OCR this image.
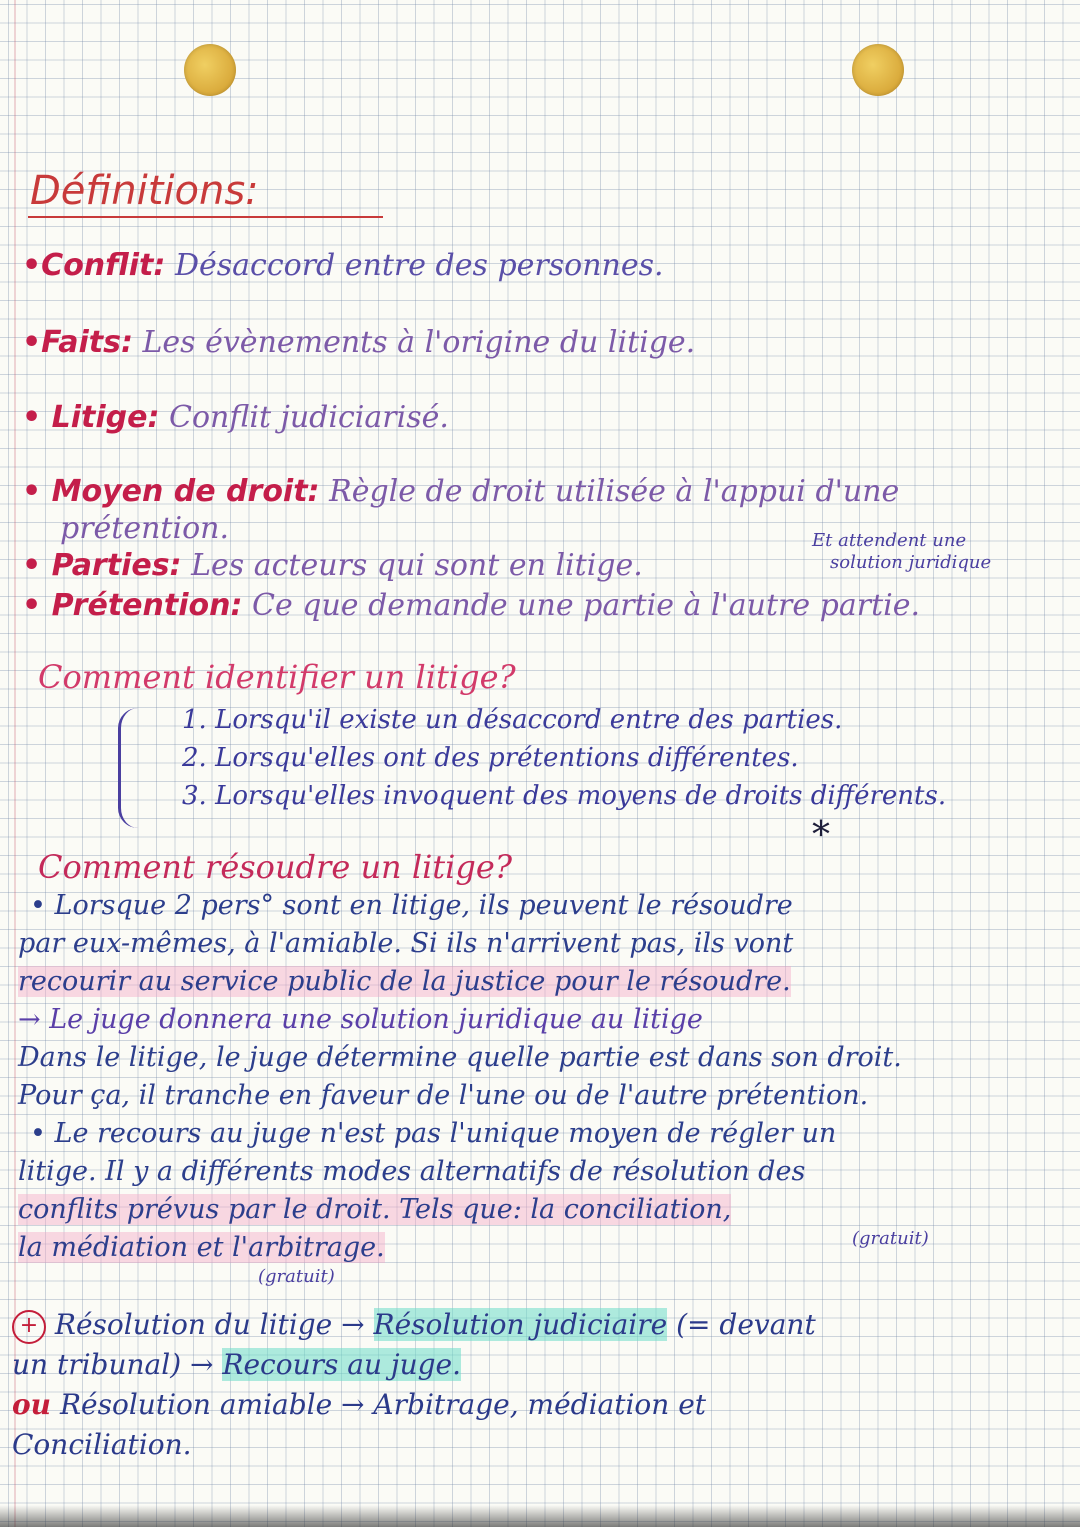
Définitions:
•Conflit: Désaccord entre des personnes.
•Faits: Les évènements à l'origine du litige.
• Litige: Conflit judiciarisé.
• Moyen de droit: Règle de droit utilisée à l'appui d'une
prétention.	Et attendent une
solution juridique
• Parties: Les acteurs qui sont en litige.
• Prétention: Ce que demande une partie à l'autre partie.
Comment identifier un litige?
1. Lorsqu'il existe un désaccord entre des parties.
2. Lorsqu'elles ont des prétentions différentes.
3. Lorsqu'elles invoquent des moyens de droits différents.
*
Comment résoudre un litige?
• Lorsque 2 pers° sont en litige, ils peuvent le résoudre
par eux-mêmes, à l'amiable. Si ils n'arrivent pas, ils vont
recourir au service public de la justice pour le résoudre.
→ Le juge donnera une solution juridique au litige
Dans le litige, le juge détermine quelle partie est dans son droit.
Pour ça, il tranche en faveur de l'une ou de l'autre prétention.
• Le recours au juge n'est pas l'unique moyen de régler un
litige. Il y a différents modes alternatifs de résolution des
conflits prévus par le droit. Tels que: la conciliation,
(gratuit)
la médiation et l'arbitrage.
(gratuit)
+ Résolution du litige → Résolution judiciaire (= devant
un tribunal) → Recours au juge.
ou Résolution amiable → Arbitrage, médiation et
Conciliation.
